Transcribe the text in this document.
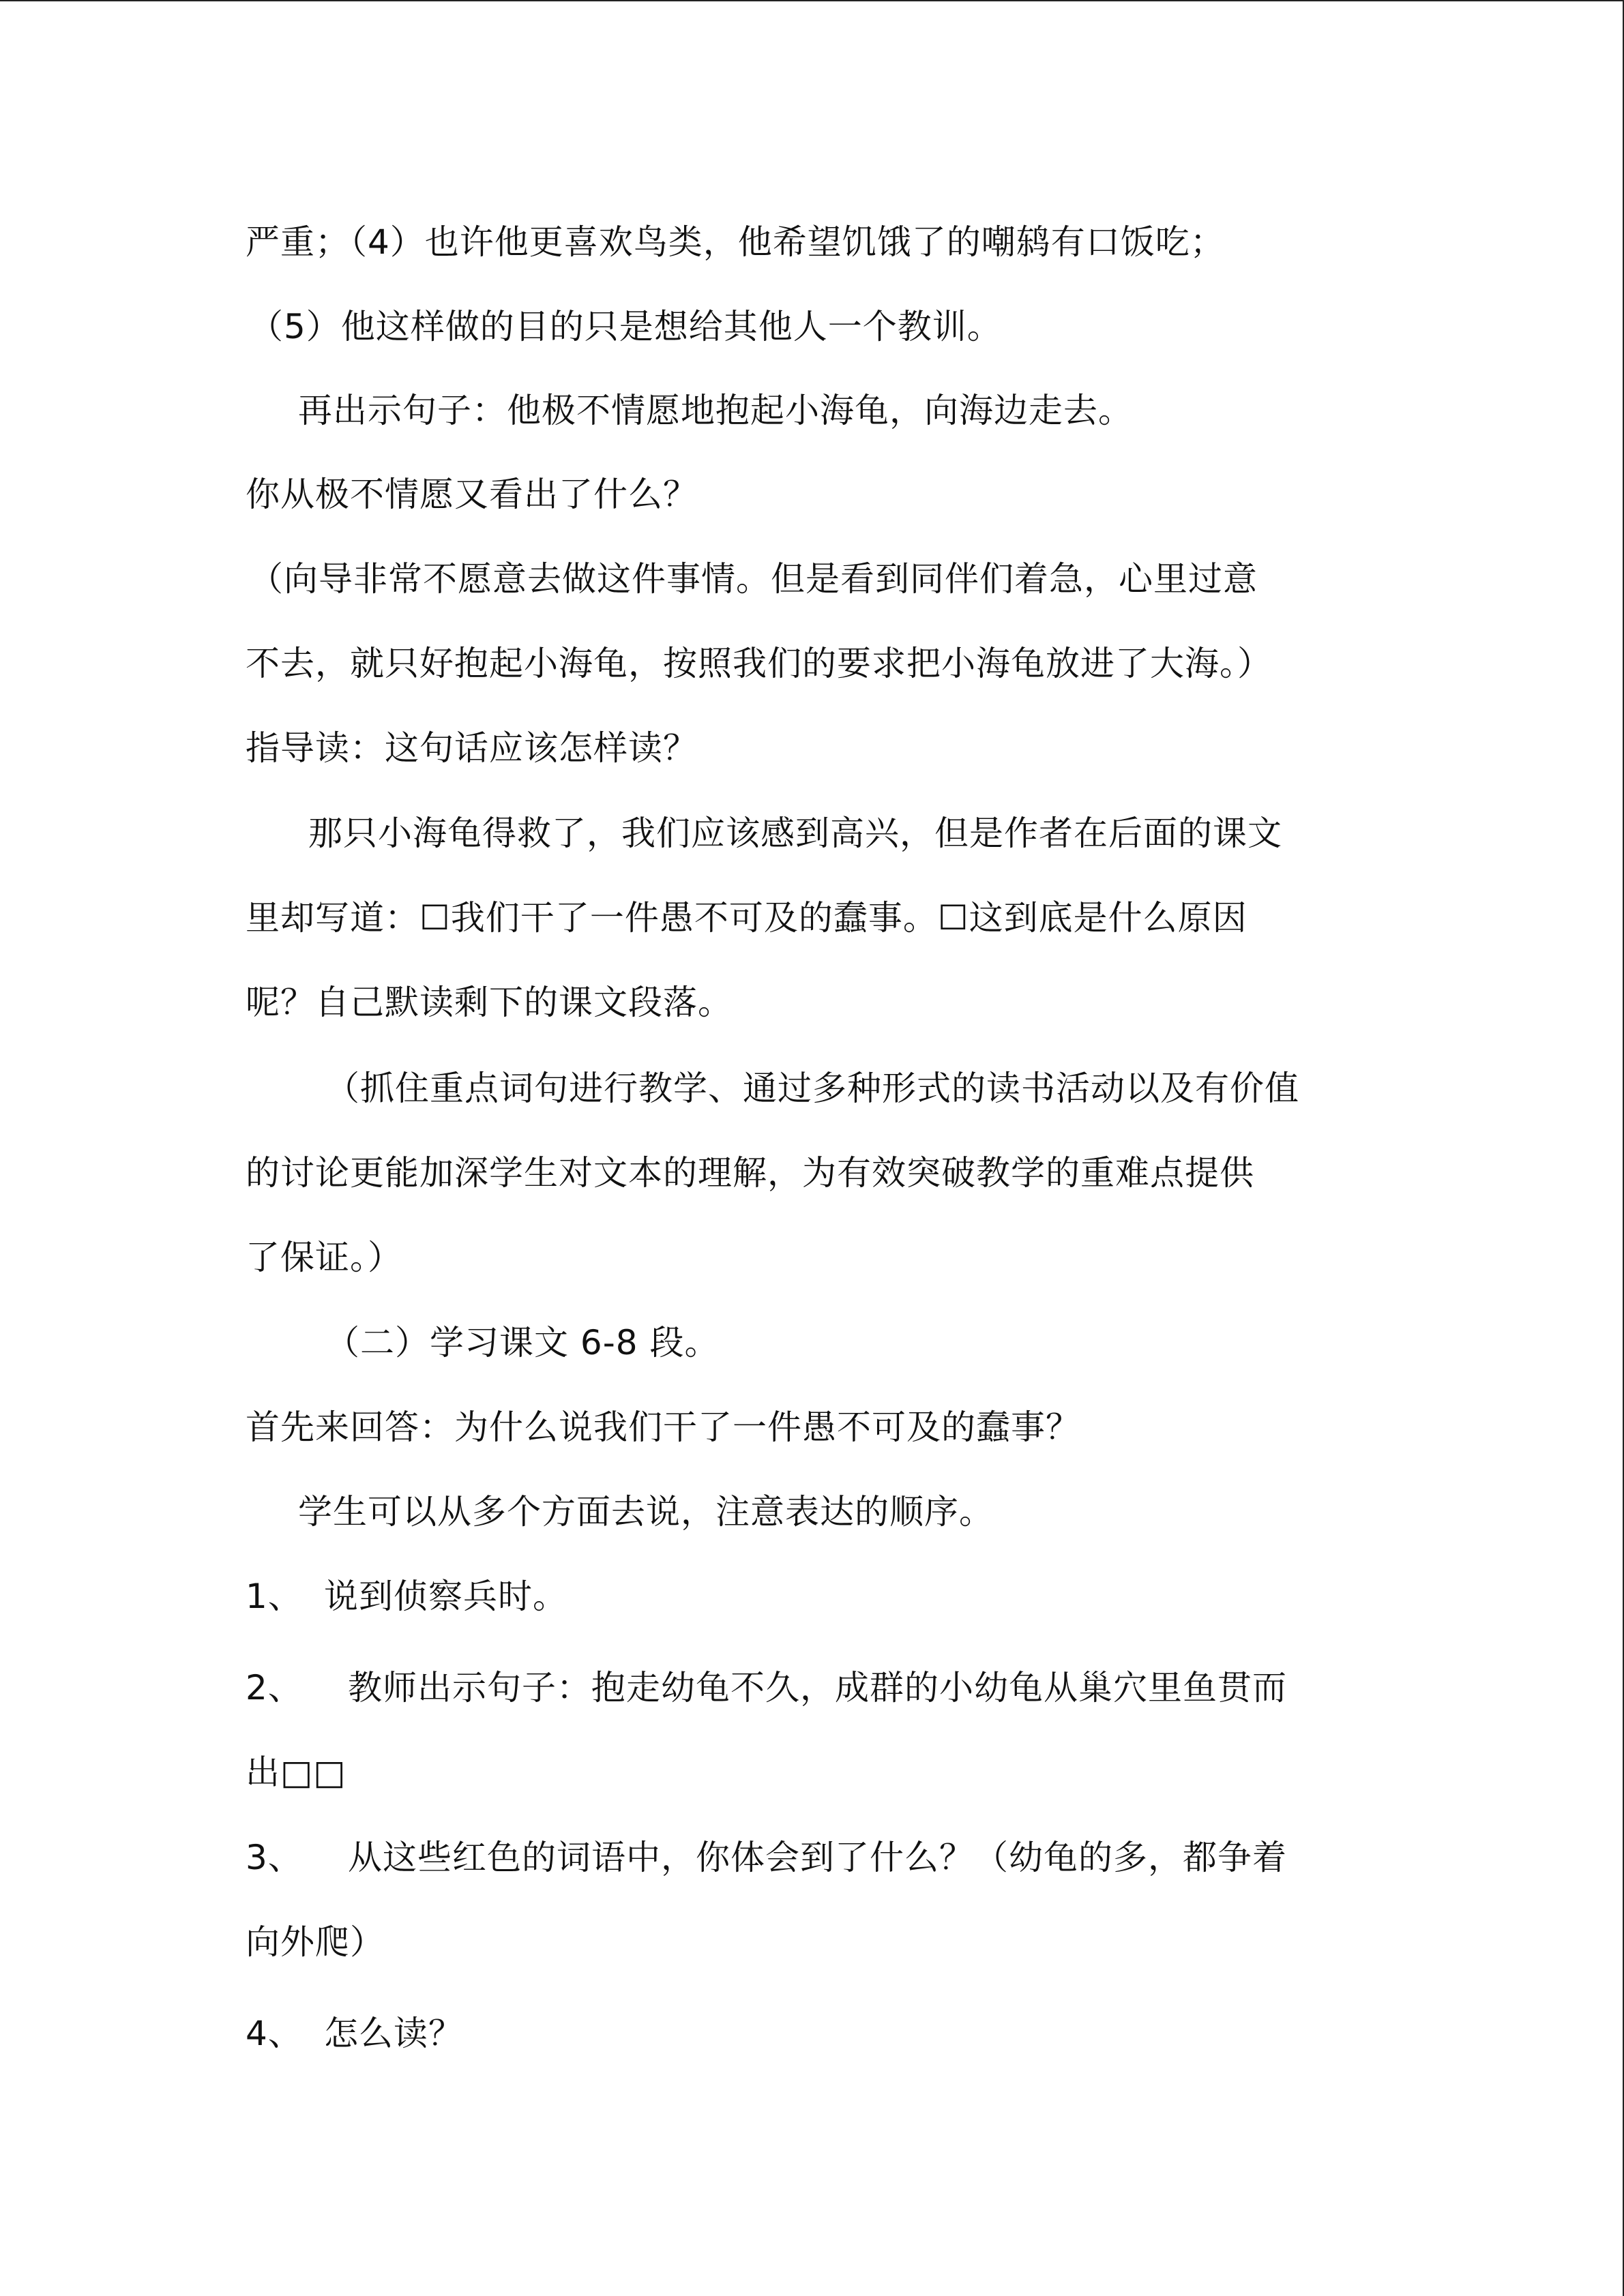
严重；（4）也许他更喜欢鸟类，他希望饥饿了的嘲鸫有口饭吃；

（5）他这样做的目的只是想给其他人一个教训。

再出示句子：他极不情愿地抱起小海龟，向海边走去。

你从极不情愿又看出了什么？

（向导非常不愿意去做这件事情。但是看到同伴们着急，心里过意

不去，就只好抱起小海龟，按照我们的要求把小海龟放进了大海。）

指导读：这句话应该怎样读？

那只小海龟得救了，我们应该感到高兴，但是作者在后面的课文

里却写道：☐我们干了一件愚不可及的蠢事。☐这到底是什么原因

呢？自己默读剩下的课文段落。

（抓住重点词句进行教学、通过多种形式的读书活动以及有价值

的讨论更能加深学生对文本的理解，为有效突破教学的重难点提供

了保证。）

（二）学习课文 6-8 段。

首先来回答：为什么说我们干了一件愚不可及的蠢事？

学生可以从多个方面去说，注意表达的顺序。

1、 说到侦察兵时。

2、 教师出示句子：抱走幼龟不久，成群的小幼龟从巢穴里鱼贯而

出□□

3、 从这些红色的词语中，你体会到了什么？（幼龟的多，都争着

向外爬）

4、 怎么读？
